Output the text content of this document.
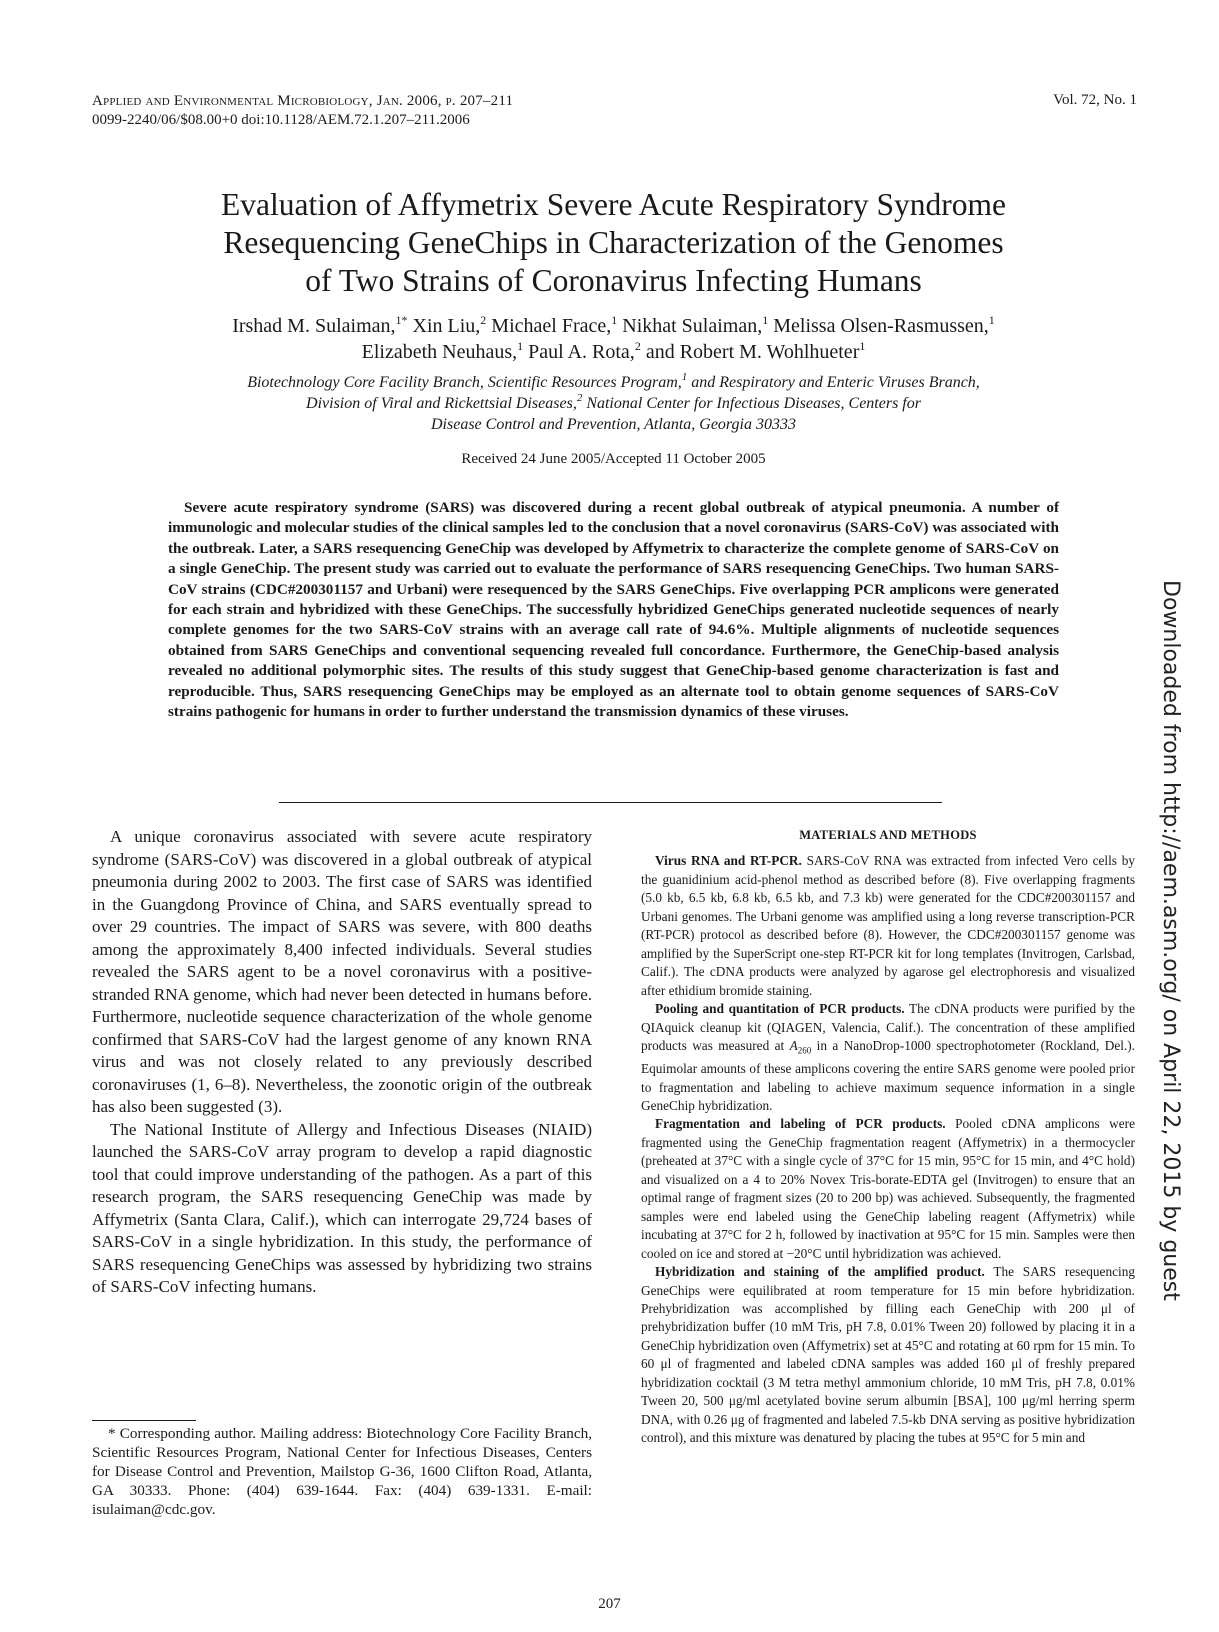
Applied and Environmental Microbiology, Jan. 2006, p. 207–211
0099-2240/06/$08.00+0 doi:10.1128/AEM.72.1.207–211.2006
Vol. 72, No. 1
Evaluation of Affymetrix Severe Acute Respiratory Syndrome
Resequencing GeneChips in Characterization of the Genomes
of Two Strains of Coronavirus Infecting Humans
Irshad M. Sulaiman,$^{1*}$ Xin Liu,$^2$ Michael Frace,$^1$ Nikhat Sulaiman,$^1$ Melissa Olsen-Rasmussen,$^1$
Elizabeth Neuhaus,$^1$ Paul A. Rota,$^2$ and Robert M. Wohlhueter$^1$
Biotechnology Core Facility Branch, Scientific Resources Program,$^1$ and Respiratory and Enteric Viruses Branch,
Division of Viral and Rickettsial Diseases,$^2$ National Center for Infectious Diseases, Centers for
Disease Control and Prevention, Atlanta, Georgia 30333
Received 24 June 2005/Accepted 11 October 2005

Severe acute respiratory syndrome (SARS) was discovered during a recent global outbreak of atypical pneumonia. A number of immunologic and molecular studies of the clinical samples led to the conclusion that a novel coronavirus (SARS-CoV) was associated with the outbreak. Later, a SARS resequencing GeneChip was developed by Affymetrix to characterize the complete genome of SARS-CoV on a single GeneChip. The present study was carried out to evaluate the performance of SARS resequencing GeneChips. Two human SARS-CoV strains (CDC#200301157 and Urbani) were resequenced by the SARS GeneChips. Five overlapping PCR amplicons were generated for each strain and hybridized with these GeneChips. The successfully hybridized GeneChips generated nucleotide sequences of nearly complete genomes for the two SARS-CoV strains with an average call rate of 94.6%. Multiple alignments of nucleotide sequences obtained from SARS GeneChips and conventional sequencing revealed full concordance. Furthermore, the GeneChip-based analysis revealed no additional polymorphic sites. The results of this study suggest that GeneChip-based genome characterization is fast and reproducible. Thus, SARS resequencing GeneChips may be employed as an alternate tool to obtain genome sequences of SARS-CoV strains pathogenic for humans in order to further understand the transmission dynamics of these viruses.

A unique coronavirus associated with severe acute respiratory syndrome (SARS-CoV) was discovered in a global outbreak of atypical pneumonia during 2002 to 2003. The first case of SARS was identified in the Guangdong Province of China, and SARS eventually spread to over 29 countries. The impact of SARS was severe, with 800 deaths among the approximately 8,400 infected individuals. Several studies revealed the SARS agent to be a novel coronavirus with a positive-stranded RNA genome, which had never been detected in humans before. Furthermore, nucleotide sequence characterization of the whole genome confirmed that SARS-CoV had the largest genome of any known RNA virus and was not closely related to any previously described coronaviruses (1, 6–8). Nevertheless, the zoonotic origin of the outbreak has also been suggested (3).

The National Institute of Allergy and Infectious Diseases (NIAID) launched the SARS-CoV array program to develop a rapid diagnostic tool that could improve understanding of the pathogen. As a part of this research program, the SARS resequencing GeneChip was made by Affymetrix (Santa Clara, Calif.), which can interrogate 29,724 bases of SARS-CoV in a single hybridization. In this study, the performance of SARS resequencing GeneChips was assessed by hybridizing two strains of SARS-CoV infecting humans.

* Corresponding author. Mailing address: Biotechnology Core Facility Branch, Scientific Resources Program, National Center for Infectious Diseases, Centers for Disease Control and Prevention, Mailstop G-36, 1600 Clifton Road, Atlanta, GA 30333. Phone: (404) 639-1644. Fax: (404) 639-1331. E-mail: isulaiman@cdc.gov.

MATERIALS AND METHODS

Virus RNA and RT-PCR. SARS-CoV RNA was extracted from infected Vero cells by the guanidinium acid-phenol method as described before (8). Five overlapping fragments (5.0 kb, 6.5 kb, 6.8 kb, 6.5 kb, and 7.3 kb) were generated for the CDC#200301157 and Urbani genomes. The Urbani genome was amplified using a long reverse transcription-PCR (RT-PCR) protocol as described before (8). However, the CDC#200301157 genome was amplified by the SuperScript one-step RT-PCR kit for long templates (Invitrogen, Carlsbad, Calif.). The cDNA products were analyzed by agarose gel electrophoresis and visualized after ethidium bromide staining.

Pooling and quantitation of PCR products. The cDNA products were purified by the QIAquick cleanup kit (QIAGEN, Valencia, Calif.). The concentration of these amplified products was measured at $A_{260}$ in a NanoDrop-1000 spectrophotometer (Rockland, Del.). Equimolar amounts of these amplicons covering the entire SARS genome were pooled prior to fragmentation and labeling to achieve maximum sequence information in a single GeneChip hybridization.

Fragmentation and labeling of PCR products. Pooled cDNA amplicons were fragmented using the GeneChip fragmentation reagent (Affymetrix) in a thermocycler (preheated at 37°C with a single cycle of 37°C for 15 min, 95°C for 15 min, and 4°C hold) and visualized on a 4 to 20% Novex Tris-borate-EDTA gel (Invitrogen) to ensure that an optimal range of fragment sizes (20 to 200 bp) was achieved. Subsequently, the fragmented samples were end labeled using the GeneChip labeling reagent (Affymetrix) while incubating at 37°C for 2 h, followed by inactivation at 95°C for 15 min. Samples were then cooled on ice and stored at −20°C until hybridization was achieved.

Hybridization and staining of the amplified product. The SARS resequencing GeneChips were equilibrated at room temperature for 15 min before hybridization. Prehybridization was accomplished by filling each GeneChip with 200 μl of prehybridization buffer (10 mM Tris, pH 7.8, 0.01% Tween 20) followed by placing it in a GeneChip hybridization oven (Affymetrix) set at 45°C and rotating at 60 rpm for 15 min. To 60 μl of fragmented and labeled cDNA samples was added 160 μl of freshly prepared hybridization cocktail (3 M tetra methyl ammonium chloride, 10 mM Tris, pH 7.8, 0.01% Tween 20, 500 μg/ml acetylated bovine serum albumin [BSA], 100 μg/ml herring sperm DNA, with 0.26 μg of fragmented and labeled 7.5-kb DNA serving as positive hybridization control), and this mixture was denatured by placing the tubes at 95°C for 5 min and

207
Downloaded from http://aem.asm.org/ on April 22, 2015 by guest
